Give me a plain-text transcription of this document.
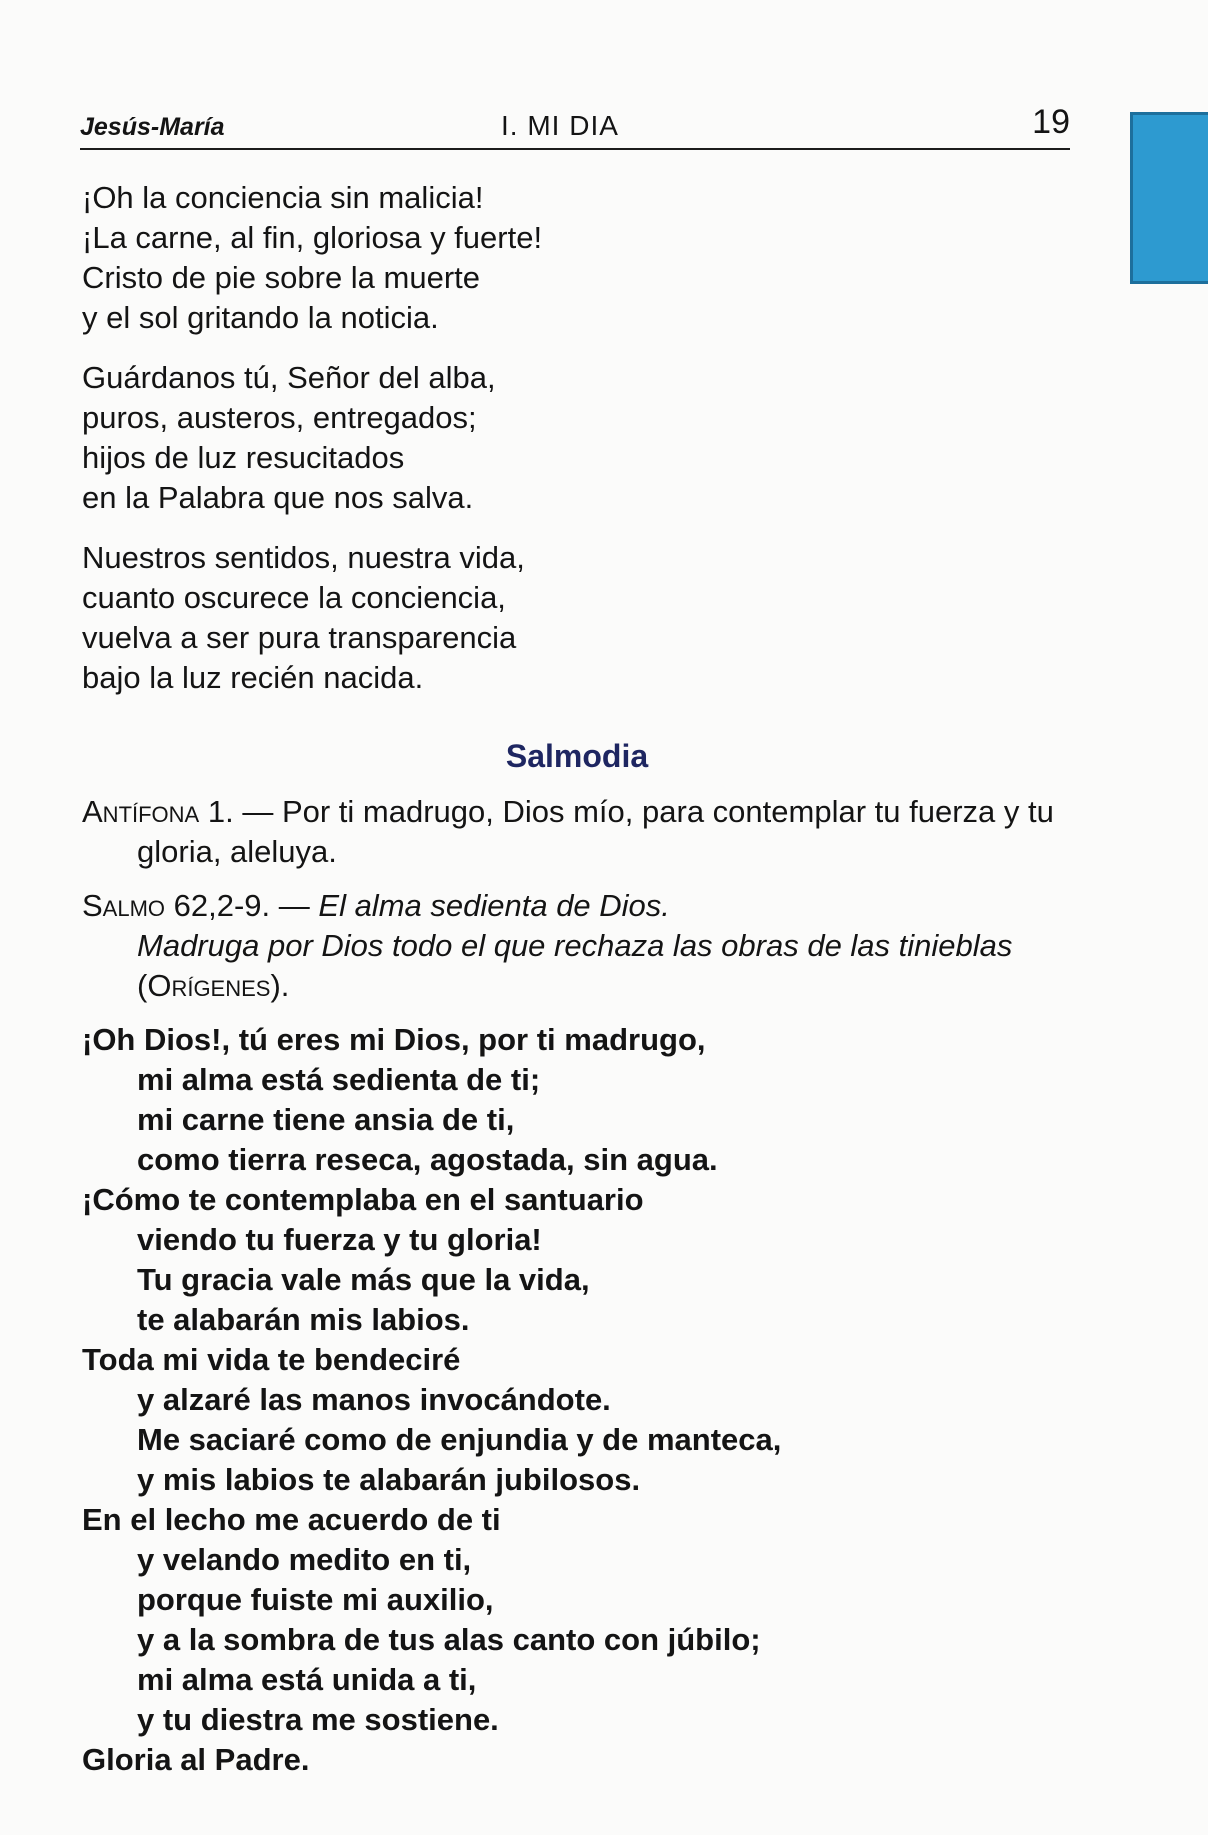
Jesús-María	I. MI DIA	19
¡Oh la conciencia sin malicia!
¡La carne, al fin, gloriosa y fuerte!
Cristo de pie sobre la muerte
y el sol gritando la noticia.
Guárdanos tú, Señor del alba,
puros, austeros, entregados;
hijos de luz resucitados
en la Palabra que nos salva.
Nuestros sentidos, nuestra vida,
cuanto oscurece la conciencia,
vuelva a ser pura transparencia
bajo la luz recién nacida.
Salmodia
Antífona 1. — Por ti madrugo, Dios mío, para contemplar tu fuerza y tu gloria, aleluya.
Salmo 62,2-9. — El alma sedienta de Dios.
Madruga por Dios todo el que rechaza las obras de las tinieblas (Orígenes).
¡Oh Dios!, tú eres mi Dios, por ti madrugo,
mi alma está sedienta de ti;
mi carne tiene ansia de ti,
como tierra reseca, agostada, sin agua.
¡Cómo te contemplaba en el santuario
viendo tu fuerza y tu gloria!
Tu gracia vale más que la vida,
te alabarán mis labios.
Toda mi vida te bendeciré
y alzaré las manos invocándote.
Me saciaré como de enjundia y de manteca,
y mis labios te alabarán jubilosos.
En el lecho me acuerdo de ti
y velando medito en ti,
porque fuiste mi auxilio,
y a la sombra de tus alas canto con júbilo;
mi alma está unida a ti,
y tu diestra me sostiene.
Gloria al Padre.
